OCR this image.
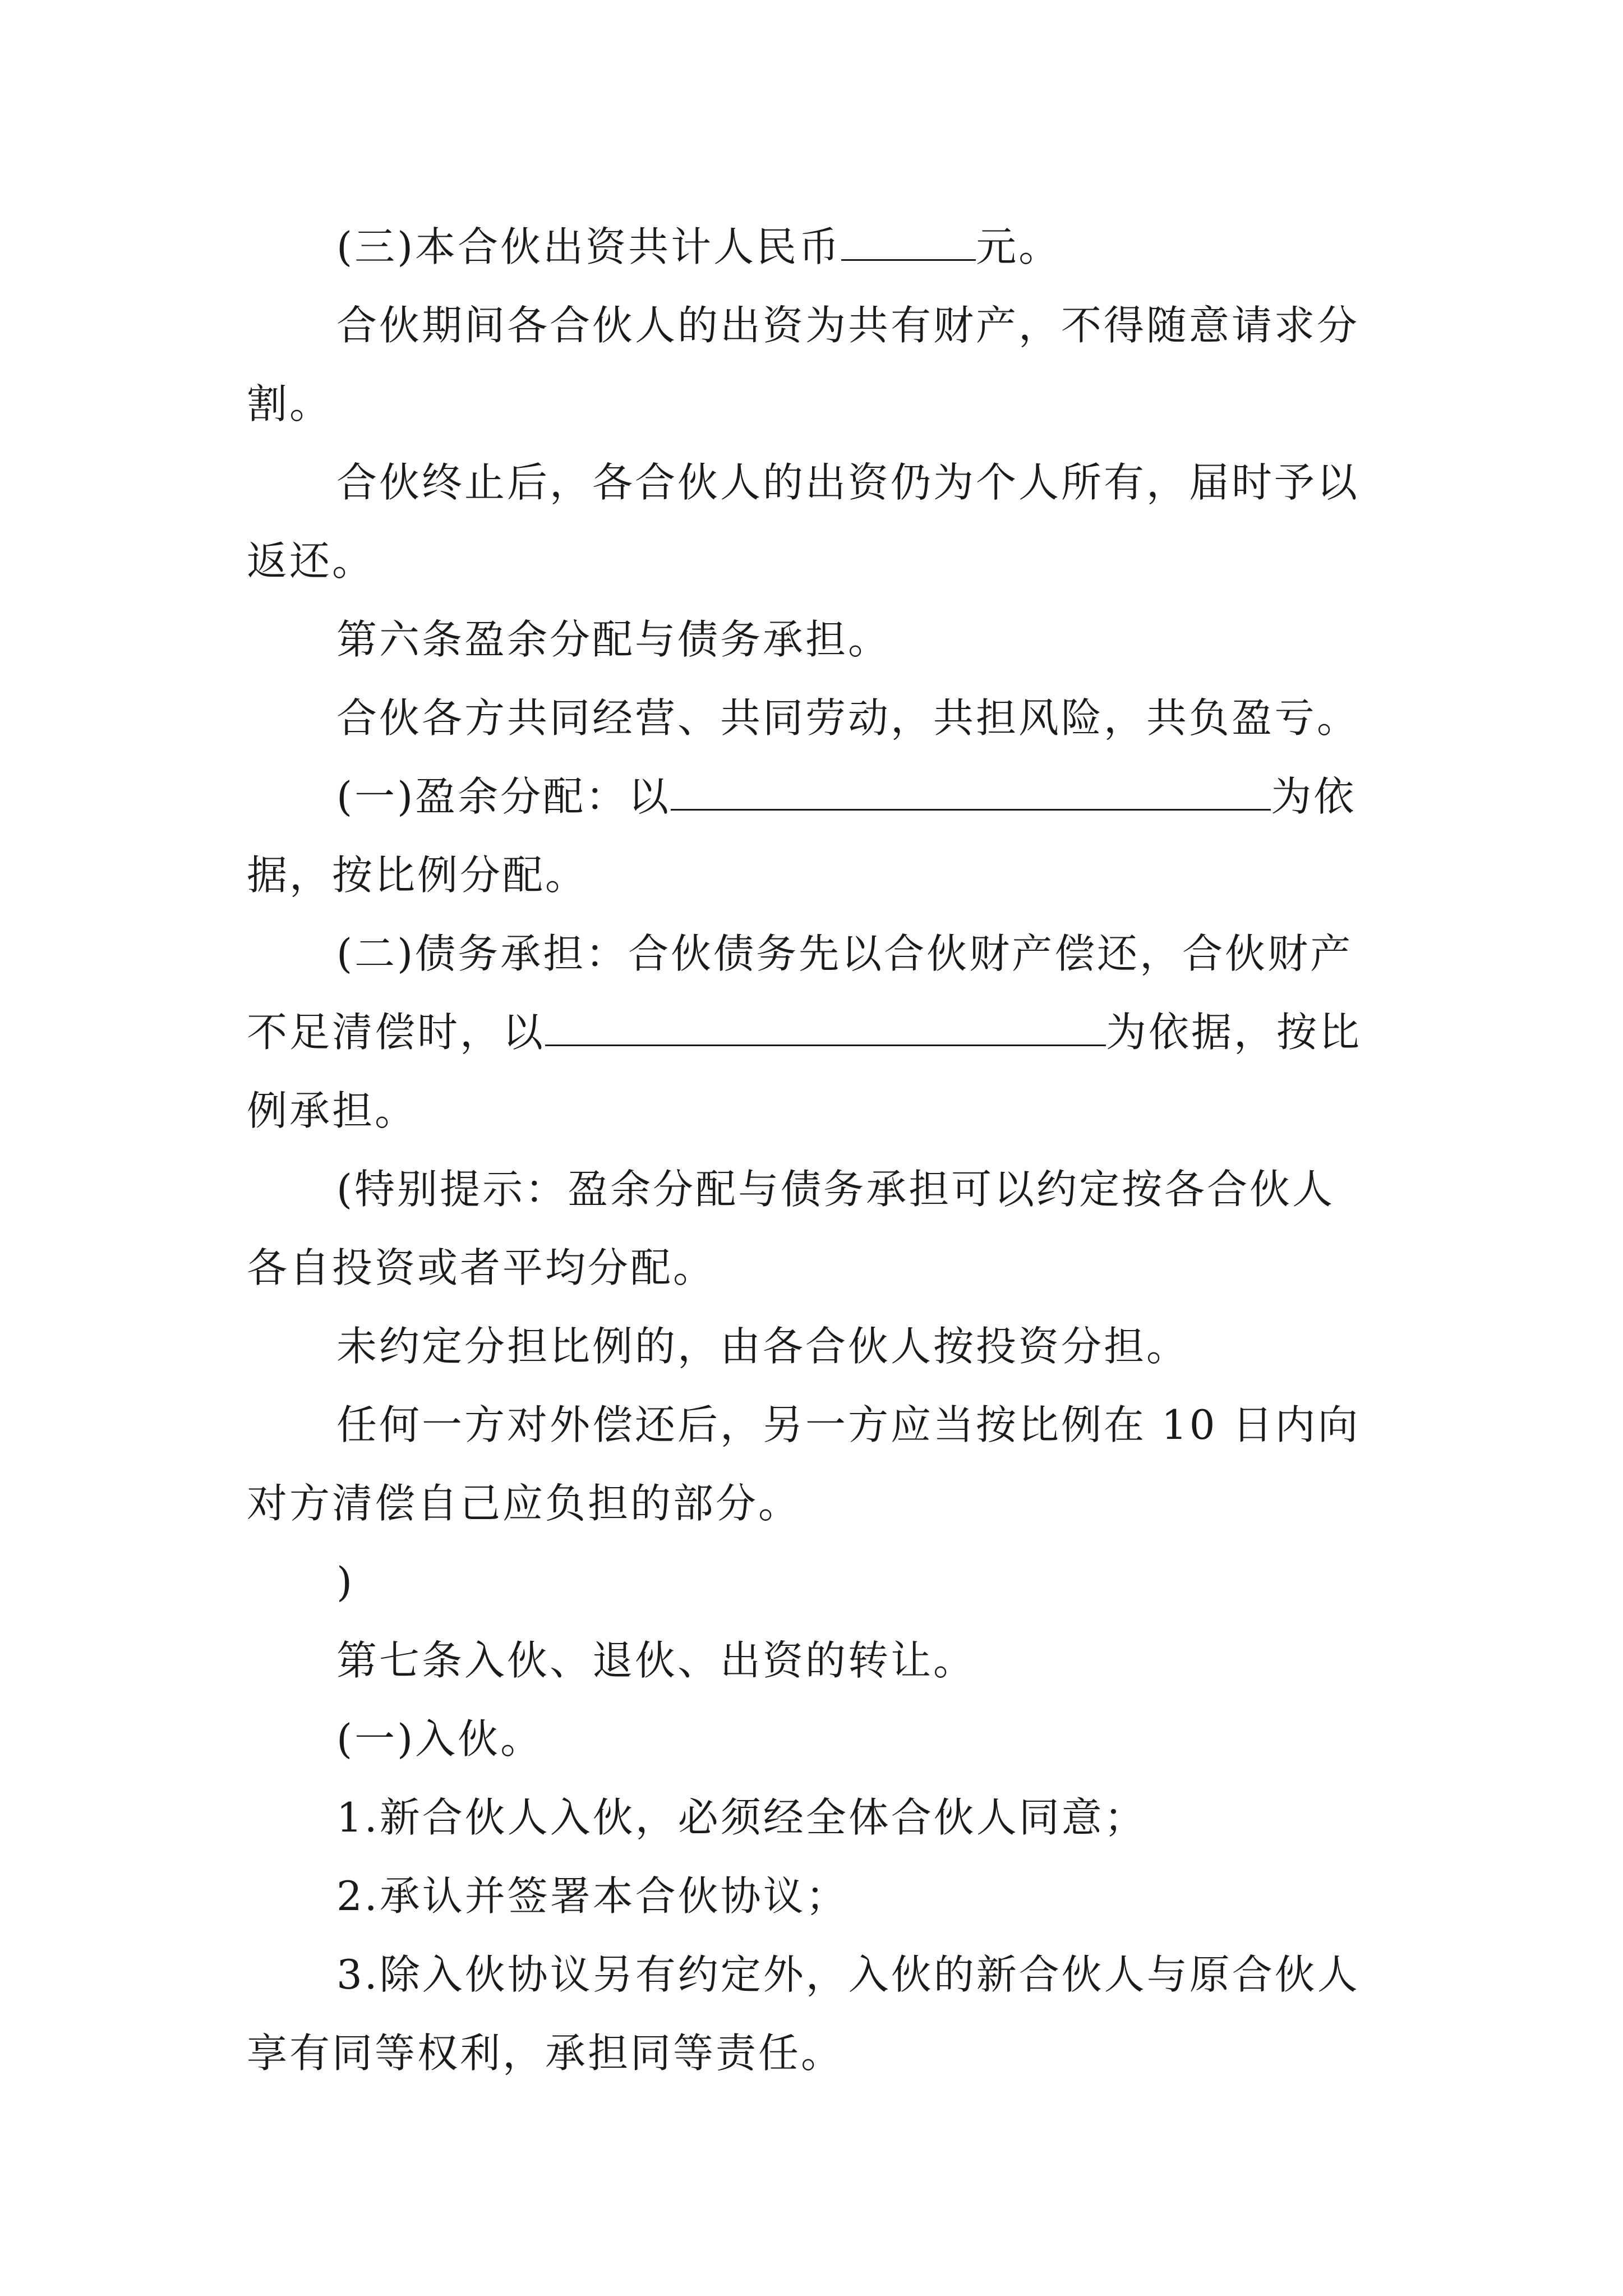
(三)本合伙出资共计人民币	元。
合伙期间各合伙人的出资为共有财产，不得随意请求分
割。
合伙终止后，各合伙人的出资仍为个人所有，届时予以
返还。
第六条盈余分配与债务承担。
合伙各方共同经营、共同劳动，共担风险，共负盈亏。
(一)盈余分配：以	为依
据，按比例分配。
(二)债务承担：合伙债务先以合伙财产偿还，合伙财产
不足清偿时，以	为依据，按比
例承担。
(特别提示：盈余分配与债务承担可以约定按各合伙人
各自投资或者平均分配。
未约定分担比例的，由各合伙人按投资分担。
任何一方对外偿还后，另一方应当按比例在 10 日内向
对方清偿自己应负担的部分。
)
第七条入伙、退伙、出资的转让。
(一)入伙。
1.新合伙人入伙，必须经全体合伙人同意；
2.承认并签署本合伙协议；
3.除入伙协议另有约定外，入伙的新合伙人与原合伙人
享有同等权利，承担同等责任。
